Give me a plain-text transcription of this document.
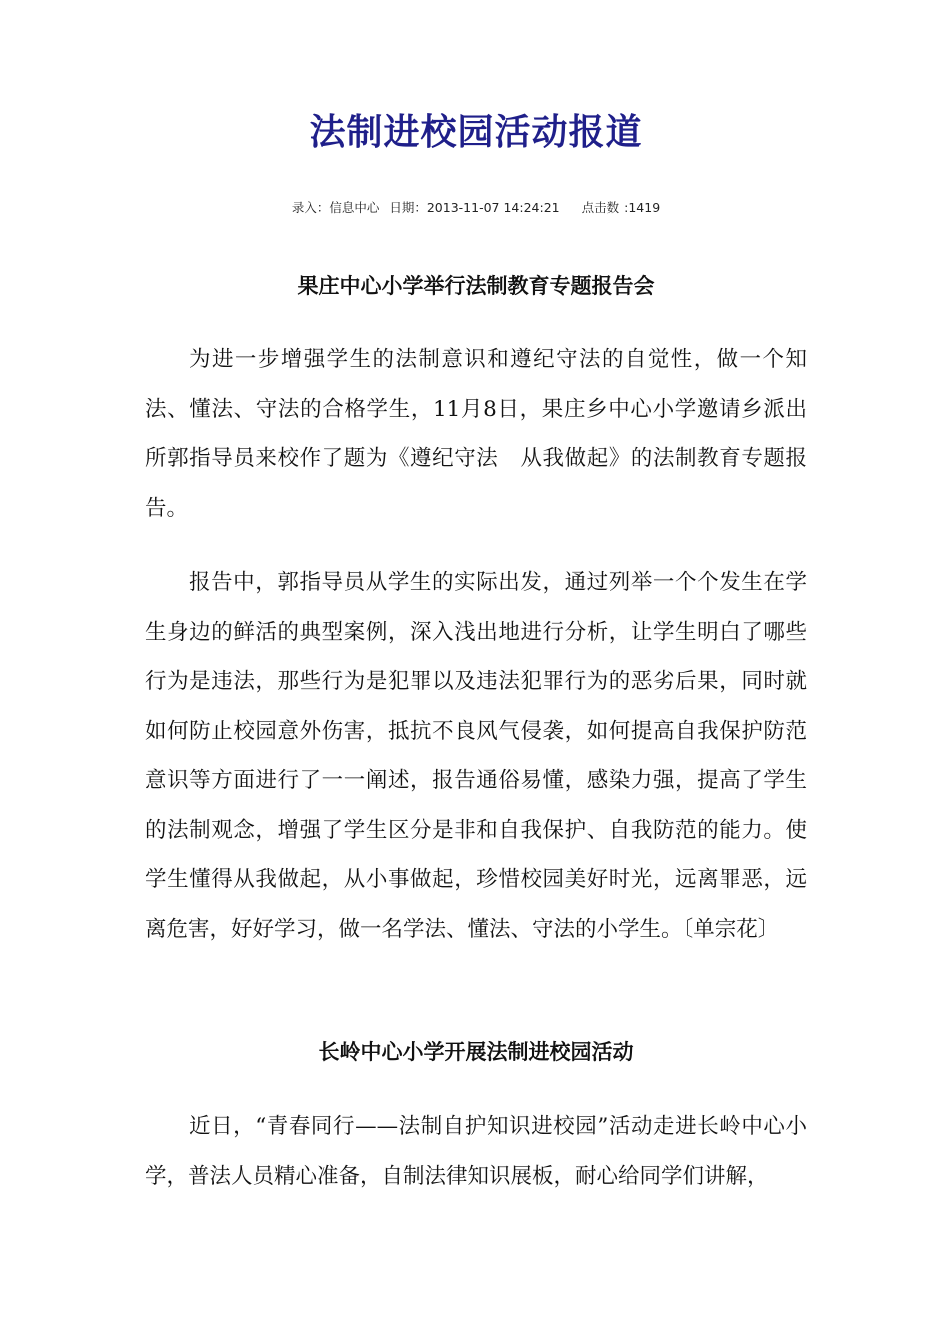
法制进校园活动报道
录入：信息中心 日期：2013-11-07 14:24:21 点击数 :1419
果庄中心小学举行法制教育专题报告会

为进一步增强学生的法制意识和遵纪守法的自觉性，做一个知法、懂法、守法的合格学生，11月8日，果庄乡中心小学邀请乡派出所郭指导员来校作了题为《遵纪守法　从我做起》的法制教育专题报告。

报告中，郭指导员从学生的实际出发，通过列举一个个发生在学生身边的鲜活的典型案例，深入浅出地进行分析，让学生明白了哪些行为是违法，那些行为是犯罪以及违法犯罪行为的恶劣后果，同时就如何防止校园意外伤害，抵抗不良风气侵袭，如何提高自我保护防范意识等方面进行了一一阐述，报告通俗易懂，感染力强，提高了学生的法制观念，增强了学生区分是非和自我保护、自我防范的能力。使学生懂得从我做起，从小事做起，珍惜校园美好时光，远离罪恶，远离危害，好好学习，做一名学法、懂法、守法的小学生。〔单宗花〕

长岭中心小学开展法制进校园活动

近日，“青春同行——法制自护知识进校园”活动走进长岭中心小学，普法人员精心准备，自制法律知识展板，耐心给同学们讲解，
